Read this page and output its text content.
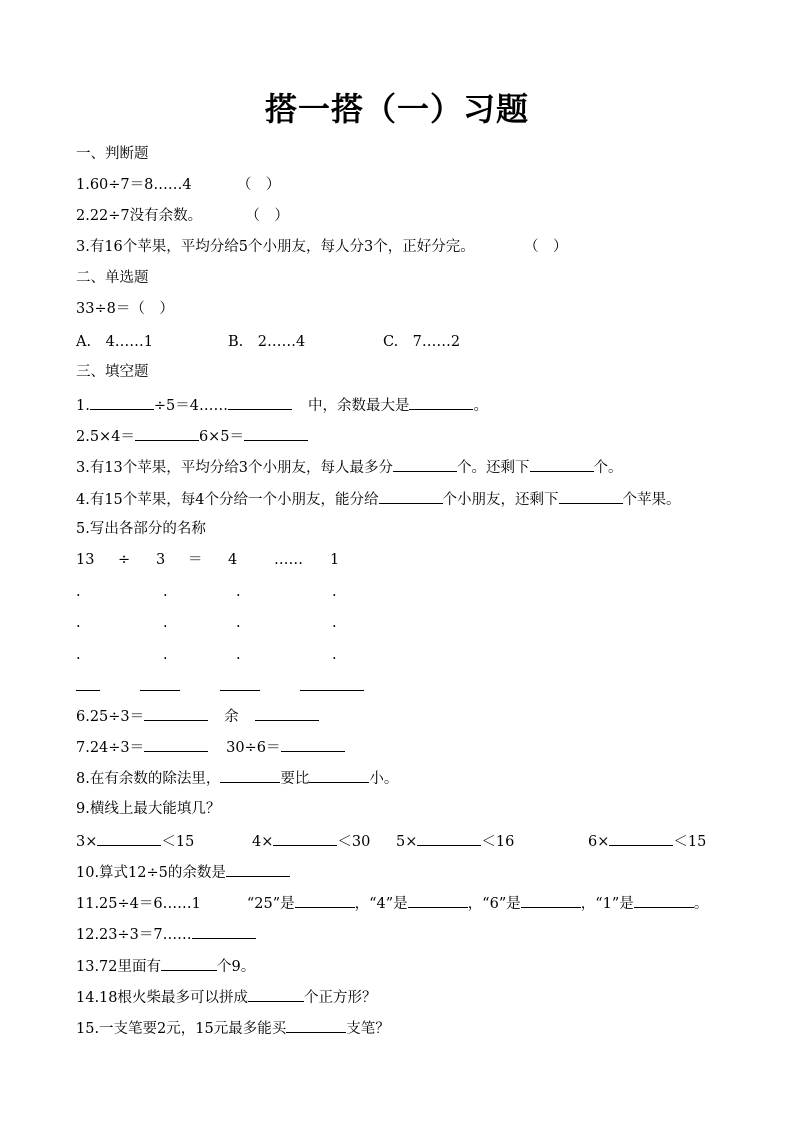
搭一搭（一）习题
一、判断题
1.60÷7＝8……4	（　）
2.22÷7没有余数。	（　）
3.有16个苹果，平均分给5个小朋友，每人分3个，正好分完。	（　）
二、单选题
33÷8＝（　）
A.　4……1	B.　2……4	C.　7……2
三、填空题
1.	÷5＝4……	中，余数最大是	。
2.5×4＝	6×5＝
3.有13个苹果，平均分给3个小朋友，每人最多分	个。还剩下	个。
4.有15个苹果，每4个分给一个小朋友，能分给	个小朋友，还剩下	个苹果。
5.写出各部分的名称
13 ÷ 3 ＝ 4	…… 1
.	.	.	.
.	.	.	.
.	.	.	.
6.25÷3＝	余
7.24÷3＝	30÷6＝
8.在有余数的除法里，	要比	小。
9.横线上最大能填几？
3×	＜15	4×	＜30 5×	＜16	6×	＜15
10.算式12÷5的余数是
11.25÷4＝6……1	“25”是	，“4”是	，“6”是	，“1”是	。
12.23÷3＝7……
13.72里面有	个9。
14.18根火柴最多可以拼成	个正方形？
15.一支笔要2元，15元最多能买	支笔？
